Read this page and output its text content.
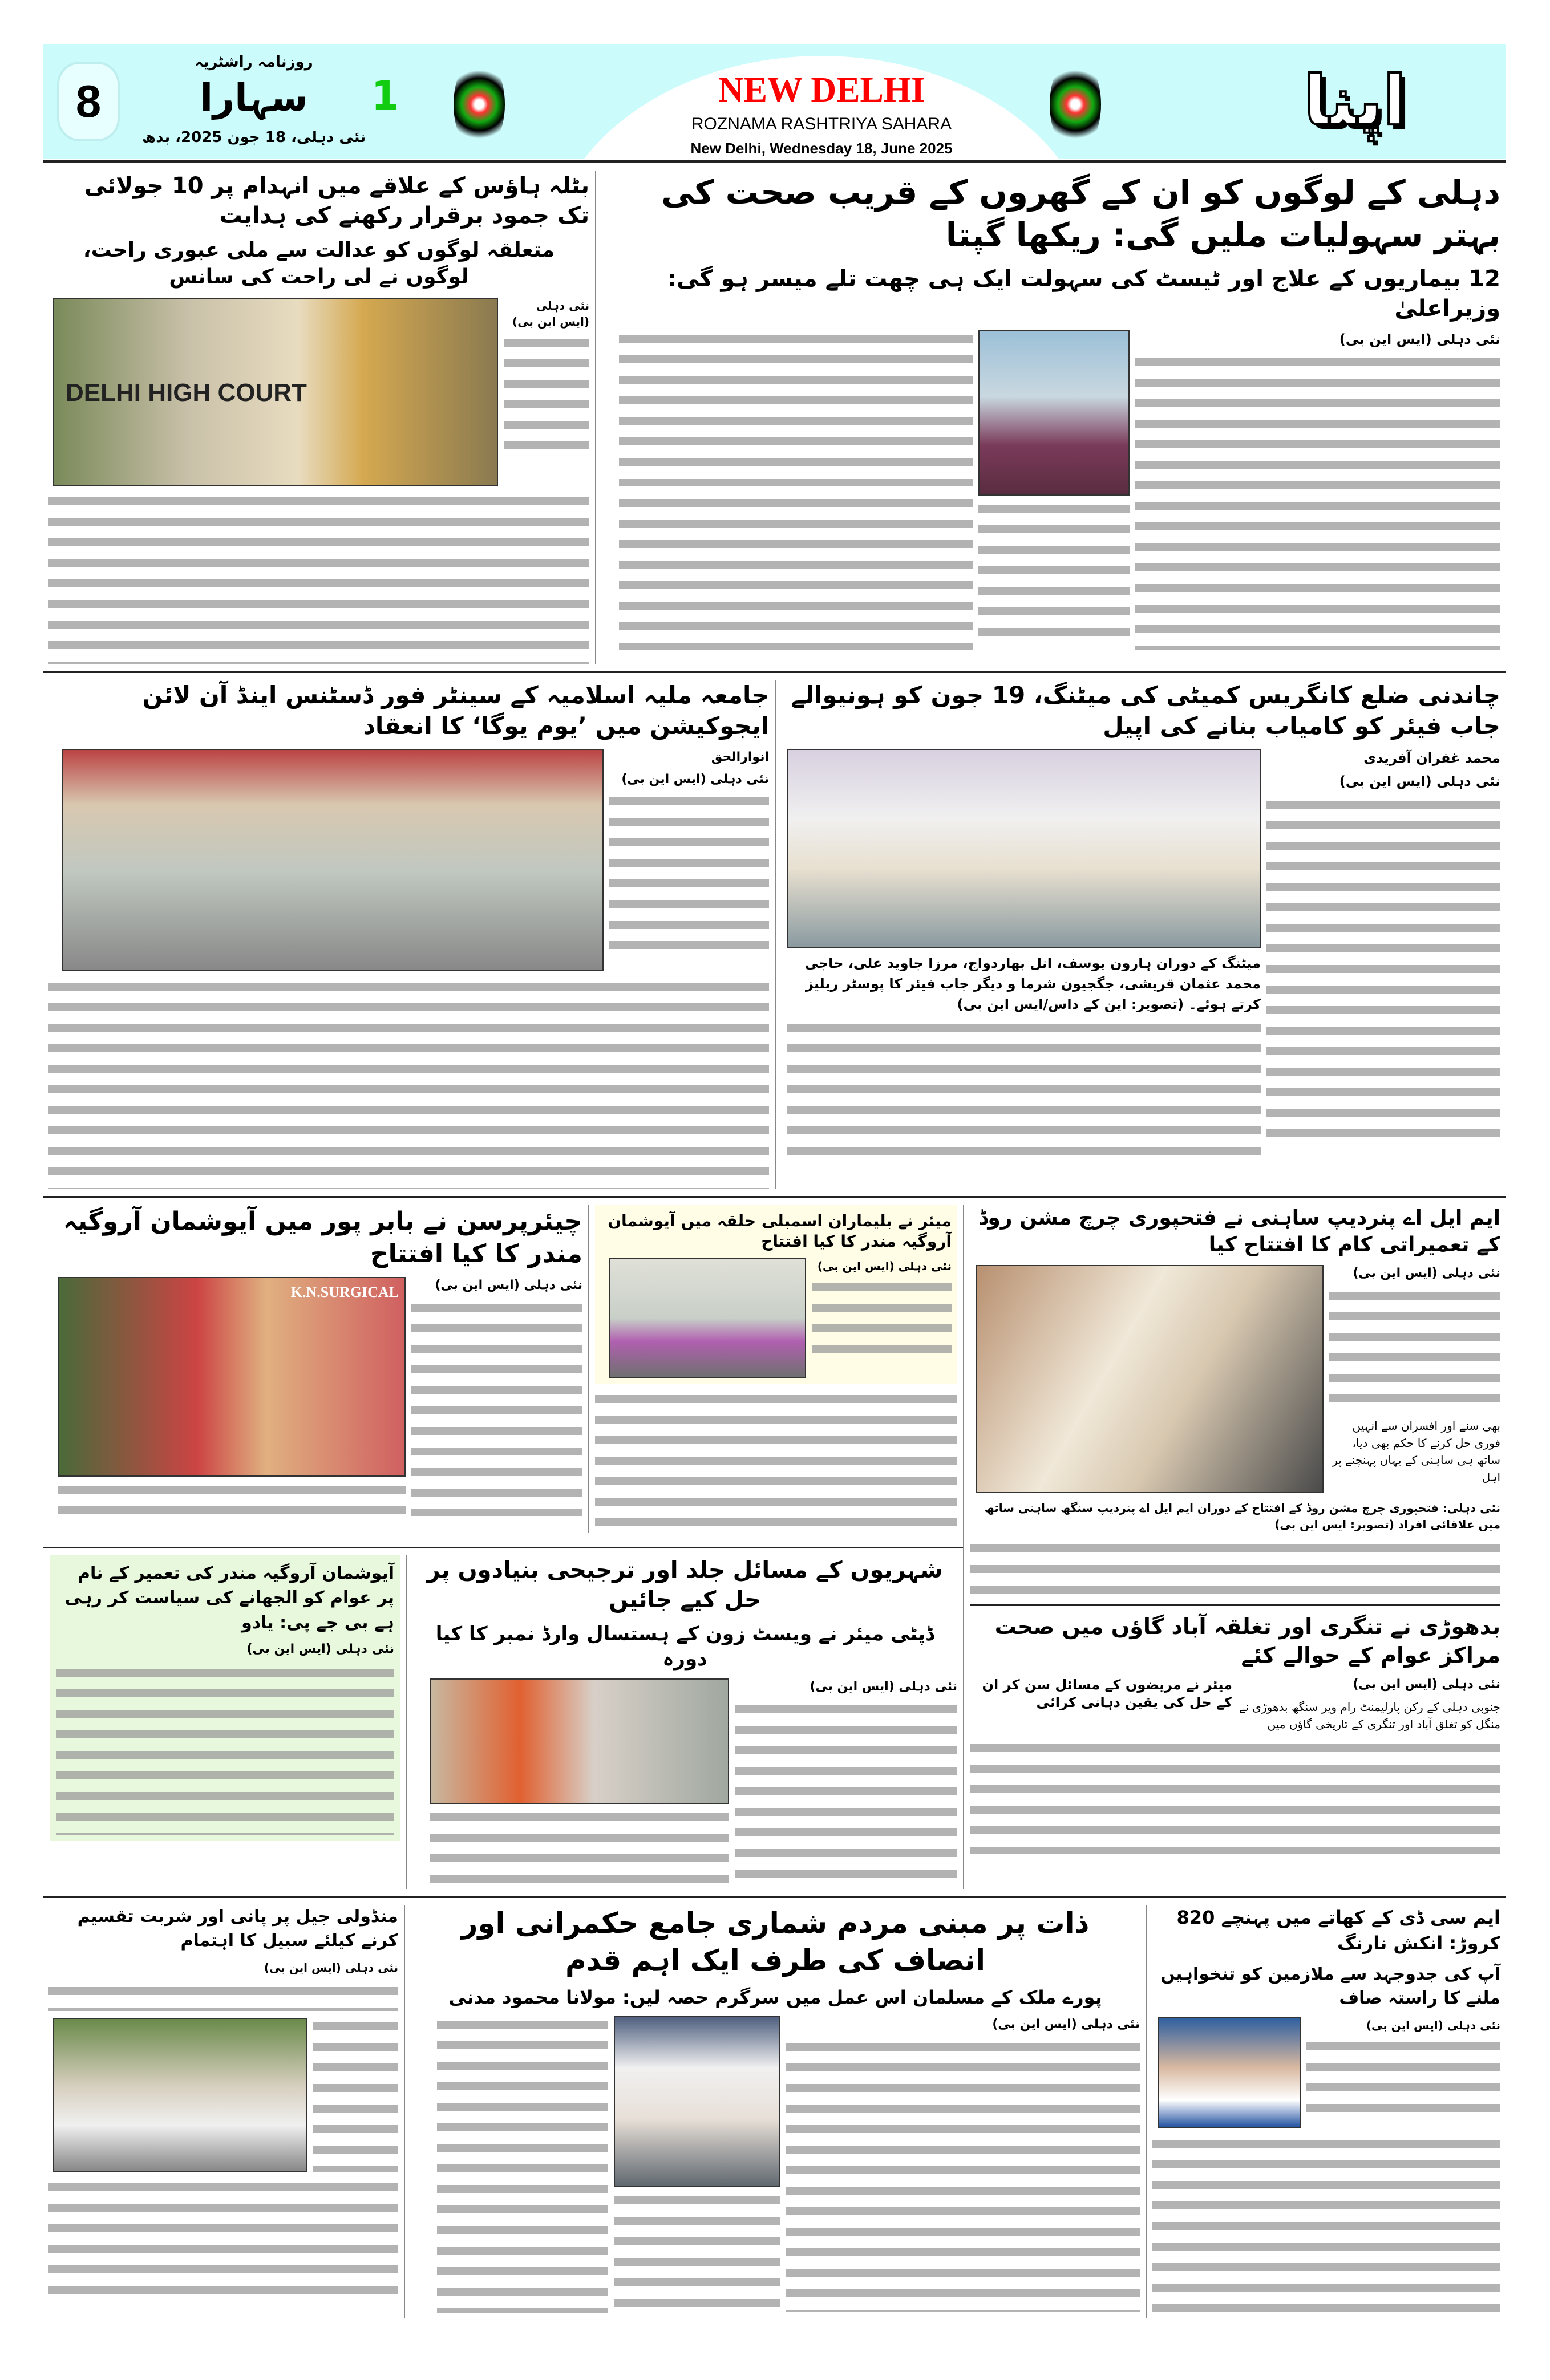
8
روزنامہ راشٹریہ
سہارا
نئی دہلی، 18 جون 2025، بدھ
1	NEW DELHI
ROZNAMA RASHTRIYA SAHARA
New Delhi, Wednesday 18, June 2025
اپنا
دہلی کے لوگوں کو ان کے گھروں کے قریب صحت کی بہتر سہولیات ملیں گی: ریکھا گپتا
12 بیماریوں کے علاج اور ٹیسٹ کی سہولت ایک ہی چھت تلے میسر ہو گی: وزیراعلیٰ
نئی دہلی (ایس این بی)
بٹلہ ہاؤس کے علاقے میں انہدام پر 10 جولائی تک جمود برقرار رکھنے کی ہدایت
متعلقہ لوگوں کو عدالت سے ملی عبوری راحت، لوگوں نے لی راحت کی سانس
نئی دہلی (ایس این بی)
DELHI HIGH COURT
چاندنی ضلع کانگریس کمیٹی کی میٹنگ، 19 جون کو ہونیوالے جاب فیئر کو کامیاب بنانے کی اپیل
محمد غفران آفریدی
نئی دہلی (ایس این بی)
میٹنگ کے دوران ہارون یوسف، انل بھاردواج، مرزا جاوید علی، حاجی محمد عثمان قریشی، جگجیون شرما و دیگر جاب فیئر کا پوسٹر ریلیز کرتے ہوئے۔ (تصویر: این کے داس/ایس این بی)
جامعہ ملیہ اسلامیہ کے سینٹر فور ڈسٹنس اینڈ آن لائن ایجوکیشن میں ’یوم یوگا‘ کا انعقاد
انوارالحق
نئی دہلی (ایس این بی)
ایم ایل اے پنردیپ ساہنی نے فتحپوری چرچ مشن روڈ کے تعمیراتی کام کا افتتاح کیا
نئی دہلی (ایس این بی)
بھی سنے اور افسران سے انہیں فوری حل کرنے کا حکم بھی دیا، ساتھ ہی ساہنی کے یہاں پہنچنے پر اہل
نئی دہلی: فتحپوری چرچ مشن روڈ کے افتتاح کے دوران ایم ایل اے پنردیپ سنگھ ساہنی ساتھ میں علاقائی افراد (تصویر: ایس این بی)
بدھوڑی نے تنگری اور تغلقہ آباد گاؤں میں صحت مراکز عوام کے حوالے کئے
نئی دہلی (ایس این بی)
جنوبی دہلی کے رکن پارلیمنٹ رام ویر سنگھ بدھوڑی نے منگل کو تغلق آباد اور تنگری کے تاریخی گاؤں میں
میئر نے مریضوں کے مسائل سن کر ان کے حل کی یقین دہانی کرائی
میئر نے بلیماران اسمبلی حلقہ میں آیوشمان آروگیہ مندر کا کیا افتتاح
نئی دہلی (ایس این بی)
چیئرپرسن نے بابر پور میں آیوشمان آروگیہ مندر کا کیا افتتاح
نئی دہلی (ایس این بی)
K.N.SURGICAL
شہریوں کے مسائل جلد اور ترجیحی بنیادوں پر حل کیے جائیں
ڈپٹی میئر نے ویسٹ زون کے ہستسال وارڈ نمبر کا کیا دورہ
نئی دہلی (ایس این بی)
آیوشمان آروگیہ مندر کی تعمیر کے نام پر عوام کو الجھانے کی سیاست کر رہی ہے بی جے پی: یادو
نئی دہلی (ایس این بی)
ایم سی ڈی کے کھاتے میں پہنچے 820 کروڑ: انکش نارنگ
آپ کی جدوجہد سے ملازمین کو تنخواہیں ملنے کا راستہ صاف
نئی دہلی (ایس این بی)
ذات پر مبنی مردم شماری جامع حکمرانی اور انصاف کی طرف ایک اہم قدم
پورے ملک کے مسلمان اس عمل میں سرگرم حصہ لیں: مولانا محمود مدنی
نئی دہلی (ایس این بی)
منڈولی جیل پر پانی اور شربت تقسیم کرنے کیلئے سبیل کا اہتمام
نئی دہلی (ایس این بی)
